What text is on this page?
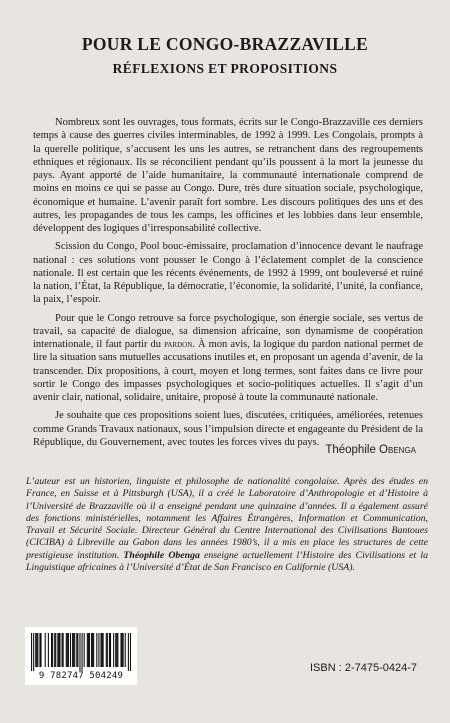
POUR LE CONGO-BRAZZAVILLE
RÉFLEXIONS ET PROPOSITIONS

Nombreux sont les ouvrages, tous formats, écrits sur le Congo-Brazzaville ces derniers temps à cause des guerres civiles interminables, de 1992 à 1999. Les Congolais, prompts à la querelle politique, s’accusent les uns les autres, se retranchent dans des regroupements ethniques et régionaux. Ils se réconcilient pendant qu’ils poussent à la mort la jeunesse du pays. Ayant apporté de l’aide humanitaire, la communauté internationale comprend de moins en moins ce qui se passe au Congo. Dure, très dure situation sociale, psychologique, économique et humaine. L’avenir paraît fort sombre. Les discours politiques des uns et des autres, les propagandes de tous les camps, les officines et les lobbies dans leur ensemble, développent des logiques d’irresponsabilité collective.

Scission du Congo, Pool bouc-émissaire, proclamation d’innocence devant le naufrage national : ces solutions vont pousser le Congo à l’éclatement complet de la conscience nationale. Il est certain que les récents événements, de 1992 à 1999, ont bouleversé et ruiné la nation, l’État, la République, la démocratie, l’économie, la solidarité, l’unité, la confiance, la paix, l’espoir.

Pour que le Congo retrouve sa force psychologique, son énergie sociale, ses vertus de travail, sa capacité de dialogue, sa dimension africaine, son dynamisme de coopération internationale, il faut partir du pardon. À mon avis, la logique du pardon national permet de lire la situation sans mutuelles accusations inutiles et, en proposant un agenda d’avenir, de la transcender. Dix propositions, à court, moyen et long termes, sont faites dans ce livre pour sortir le Congo des impasses psychologiques et socio-politiques actuelles. Il s’agit d’un avenir clair, national, solidaire, unitaire, proposé à toute la communauté nationale.

Je souhaite que ces propositions soient lues, discutées, critiquées, améliorées, retenues comme Grands Travaux nationaux, sous l’impulsion directe et engageante du Président de la République, du Gouvernement, avec toutes les forces vives du pays.

Théophile Obenga

L’auteur est un historien, linguiste et philosophe de nationalité congolaise. Après des études en France, en Suisse et à Pittsburgh (USA), il a créé le Laboratoire d’Anthropologie et d’Histoire à l’Université de Brazzaville où il a enseigné pendant une quinzaine d’années. Il a également assuré des fonctions ministérielles, notamment les Affaires Étrangères, Information et Communication, Travail et Sécurité Sociale. Directeur Général du Centre International des Civilisations Bantoues (CICIBA) à Libreville au Gabon dans les années 1980’s, il a mis en place les structures de cette prestigieuse institution. Théophile Obenga enseigne actuellement l’Histoire des Civilisations et la Linguistique africaines à l’Université d’État de San Francisco en Californie (USA).

9 782747 504249
ISBN : 2-7475-0424-7
